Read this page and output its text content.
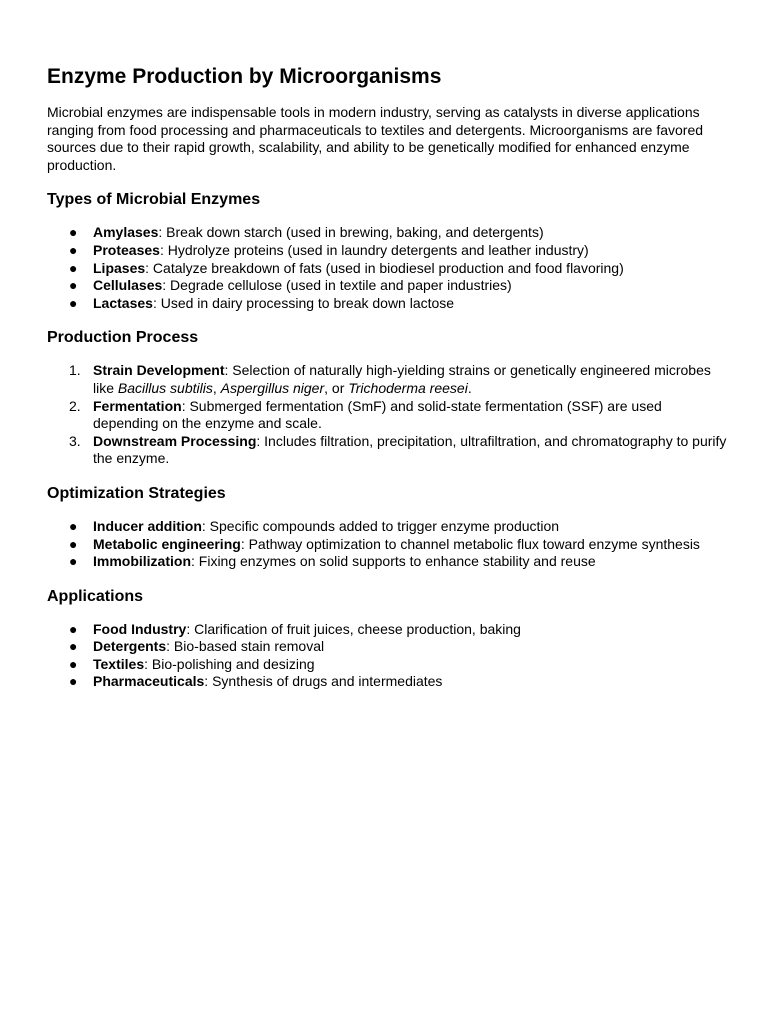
Enzyme Production by Microorganisms

Microbial enzymes are indispensable tools in modern industry, serving as catalysts in diverse applications ranging from food processing and pharmaceuticals to textiles and detergents. Microorganisms are favored sources due to their rapid growth, scalability, and ability to be genetically modified for enhanced enzyme production.

Types of Microbial Enzymes
● Amylases: Break down starch (used in brewing, baking, and detergents)
● Proteases: Hydrolyze proteins (used in laundry detergents and leather industry)
● Lipases: Catalyze breakdown of fats (used in biodiesel production and food flavoring)
● Cellulases: Degrade cellulose (used in textile and paper industries)
● Lactases: Used in dairy processing to break down lactose
Production Process
1. Strain Development: Selection of naturally high-yielding strains or genetically engineered microbes like Bacillus subtilis, Aspergillus niger, or Trichoderma reesei.
2. Fermentation: Submerged fermentation (SmF) and solid-state fermentation (SSF) are used depending on the enzyme and scale.
3. Downstream Processing: Includes filtration, precipitation, ultrafiltration, and chromatography to purify the enzyme.
Optimization Strategies
● Inducer addition: Specific compounds added to trigger enzyme production
● Metabolic engineering: Pathway optimization to channel metabolic flux toward enzyme synthesis
● Immobilization: Fixing enzymes on solid supports to enhance stability and reuse
Applications
● Food Industry: Clarification of fruit juices, cheese production, baking
● Detergents: Bio-based stain removal
● Textiles: Bio-polishing and desizing
● Pharmaceuticals: Synthesis of drugs and intermediates
